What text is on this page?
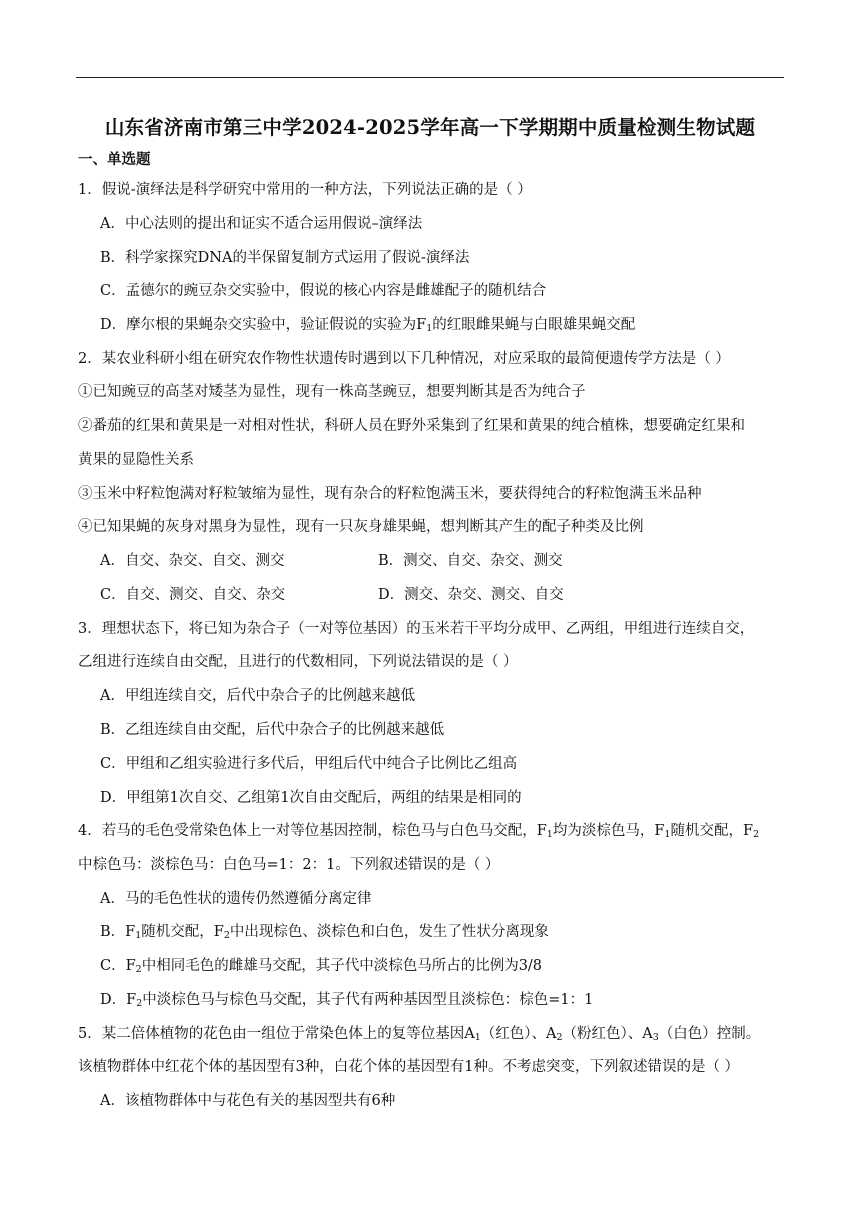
山东省济南市第三中学2024-2025学年高一下学期期中质量检测生物试题
一、单选题
1．假说-演绎法是科学研究中常用的一种方法，下列说法正确的是（ ）
A．中心法则的提出和证实不适合运用假说–演绎法
B．科学家探究DNA的半保留复制方式运用了假说-演绎法
C．孟德尔的豌豆杂交实验中，假说的核心内容是雌雄配子的随机结合
D．摩尔根的果蝇杂交实验中，验证假说的实验为$F_1$的红眼雌果蝇与白眼雄果蝇交配
2．某农业科研小组在研究农作物性状遗传时遇到以下几种情况，对应采取的最简便遗传学方法是（ ）
①已知豌豆的高茎对矮茎为显性，现有一株高茎豌豆，想要判断其是否为纯合子
②番茄的红果和黄果是一对相对性状，科研人员在野外采集到了红果和黄果的纯合植株，想要确定红果和
黄果的显隐性关系
③玉米中籽粒饱满对籽粒皱缩为显性，现有杂合的籽粒饱满玉米，要获得纯合的籽粒饱满玉米品种
④已知果蝇的灰身对黑身为显性，现有一只灰身雄果蝇，想判断其产生的配子种类及比例
A．自交、杂交、自交、测交	B．测交、自交、杂交、测交
C．自交、测交、自交、杂交	D．测交、杂交、测交、自交
3．理想状态下，将已知为杂合子（一对等位基因）的玉米若干平均分成甲、乙两组，甲组进行连续自交，
乙组进行连续自由交配，且进行的代数相同，下列说法错误的是（ ）
A．甲组连续自交，后代中杂合子的比例越来越低
B．乙组连续自由交配，后代中杂合子的比例越来越低
C．甲组和乙组实验进行多代后，甲组后代中纯合子比例比乙组高
D．甲组第1次自交、乙组第1次自由交配后，两组的结果是相同的
4．若马的毛色受常染色体上一对等位基因控制，棕色马与白色马交配，$F_1$均为淡棕色马，$F_1$随机交配，$F_2$
中棕色马：淡棕色马：白色马=1：2：1。下列叙述错误的是（ ）
A．马的毛色性状的遗传仍然遵循分离定律
B．$F_1$随机交配，$F_2$中出现棕色、淡棕色和白色，发生了性状分离现象
C．$F_2$中相同毛色的雌雄马交配，其子代中淡棕色马所占的比例为3/8
D．$F_2$中淡棕色马与棕色马交配，其子代有两种基因型且淡棕色：棕色=1：1
5．某二倍体植物的花色由一组位于常染色体上的复等位基因$A_1$（红色）、$A_2$（粉红色）、$A_3$（白色）控制。
该植物群体中红花个体的基因型有3种，白花个体的基因型有1种。不考虑突变，下列叙述错误的是（ ）
A．该植物群体中与花色有关的基因型共有6种
